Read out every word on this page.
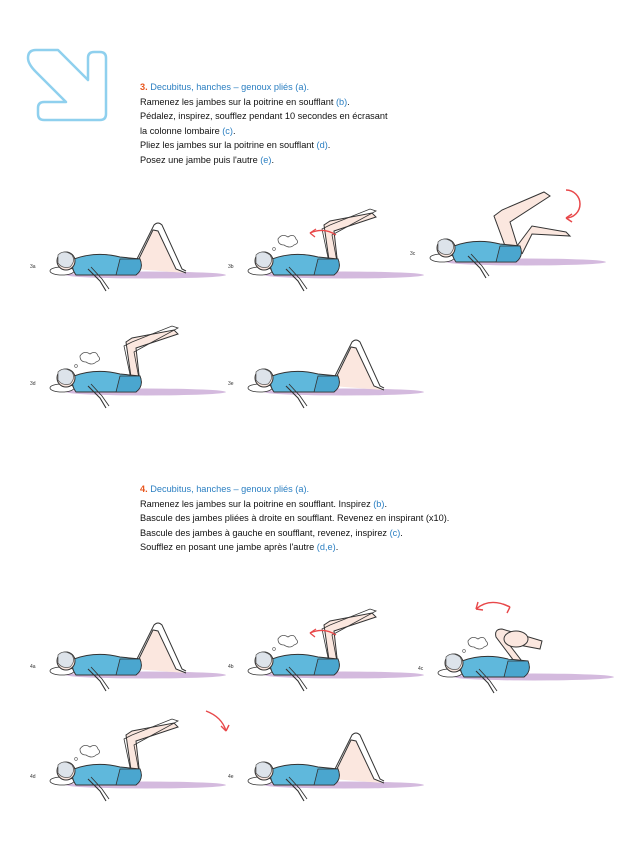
3. Decubitus, hanches – genoux pliés (a).
Ramenez les jambes sur la poitrine en soufflant (b).
Pédalez, inspirez, soufflez pendant 10 secondes en écrasant
la colonne lombaire (c).
Pliez les jambes sur la poitrine en soufflant (d).
Posez une jambe puis l'autre (e).
4. Decubitus, hanches – genoux pliés (a).
Ramenez les jambes sur la poitrine en soufflant. Inspirez (b).
Bascule des jambes pliées à droite en soufflant. Revenez en inspirant (x10).
Bascule des jambes à gauche en soufflant, revenez, inspirez (c).
Soufflez en posant une jambe après l'autre (d,e).
3a	3b
3c
3d	3e
4a	4b	4c
4d	4e
